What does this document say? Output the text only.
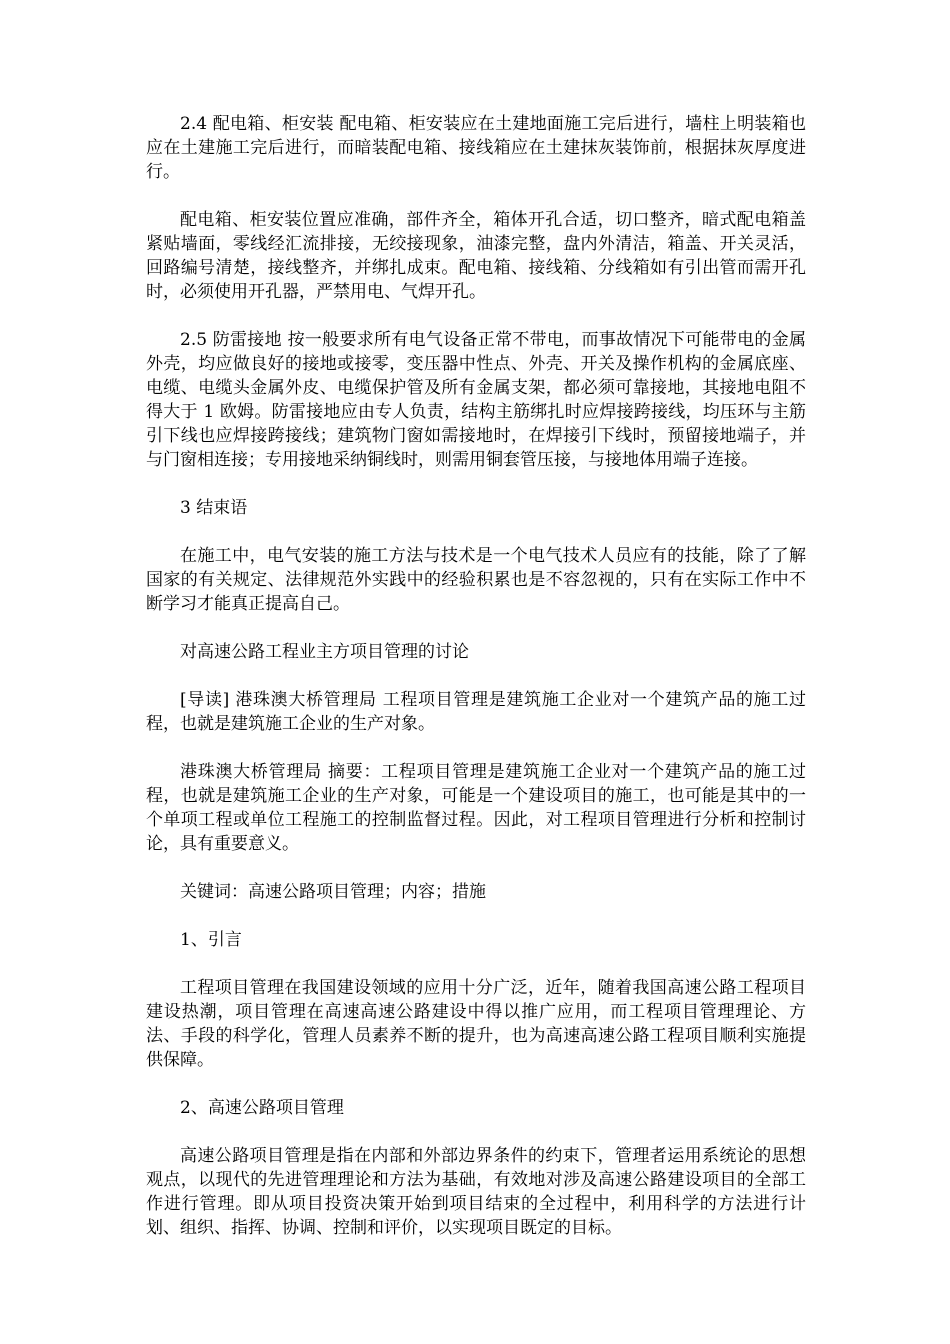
2.4 配电箱、柜安装 配电箱、柜安装应在土建地面施工完后进行，墙柱上明装箱也应在土建施工完后进行，而暗装配电箱、接线箱应在土建抹灰装饰前，根据抹灰厚度进行。

配电箱、柜安装位置应准确，部件齐全，箱体开孔合适，切口整齐，暗式配电箱盖紧贴墙面，零线经汇流排接，无绞接现象，油漆完整，盘内外清洁，箱盖、开关灵活，回路编号清楚，接线整齐，并绑扎成束。配电箱、接线箱、分线箱如有引出管而需开孔时，必须使用开孔器，严禁用电、气焊开孔。

2.5 防雷接地 按一般要求所有电气设备正常不带电，而事故情况下可能带电的金属外壳，均应做良好的接地或接零，变压器中性点、外壳、开关及操作机构的金属底座、电缆、电缆头金属外皮、电缆保护管及所有金属支架，都必须可靠接地，其接地电阻不得大于 1 欧姆。防雷接地应由专人负责，结构主筋绑扎时应焊接跨接线，均压环与主筋引下线也应焊接跨接线；建筑物门窗如需接地时，在焊接引下线时，预留接地端子，并与门窗相连接；专用接地采纳铜线时，则需用铜套管压接，与接地体用端子连接。

3 结束语

在施工中，电气安装的施工方法与技术是一个电气技术人员应有的技能，除了了解国家的有关规定、法律规范外实践中的经验积累也是不容忽视的，只有在实际工作中不断学习才能真正提高自己。

对高速公路工程业主方项目管理的讨论

[导读] 港珠澳大桥管理局 工程项目管理是建筑施工企业对一个建筑产品的施工过程，也就是建筑施工企业的生产对象。

港珠澳大桥管理局 摘要：工程项目管理是建筑施工企业对一个建筑产品的施工过程，也就是建筑施工企业的生产对象，可能是一个建设项目的施工，也可能是其中的一个单项工程或单位工程施工的控制监督过程。因此，对工程项目管理进行分析和控制讨论，具有重要意义。

关键词：高速公路项目管理；内容；措施

1、引言

工程项目管理在我国建设领域的应用十分广泛，近年，随着我国高速公路工程项目建设热潮，项目管理在高速高速公路建设中得以推广应用，而工程项目管理理论、方法、手段的科学化，管理人员素养不断的提升，也为高速高速公路工程项目顺利实施提供保障。

2、高速公路项目管理

高速公路项目管理是指在内部和外部边界条件的约束下，管理者运用系统论的思想观点，以现代的先进管理理论和方法为基础，有效地对涉及高速公路建设项目的全部工作进行管理。即从项目投资决策开始到项目结束的全过程中，利用科学的方法进行计划、组织、指挥、协调、控制和评价，以实现项目既定的目标。
